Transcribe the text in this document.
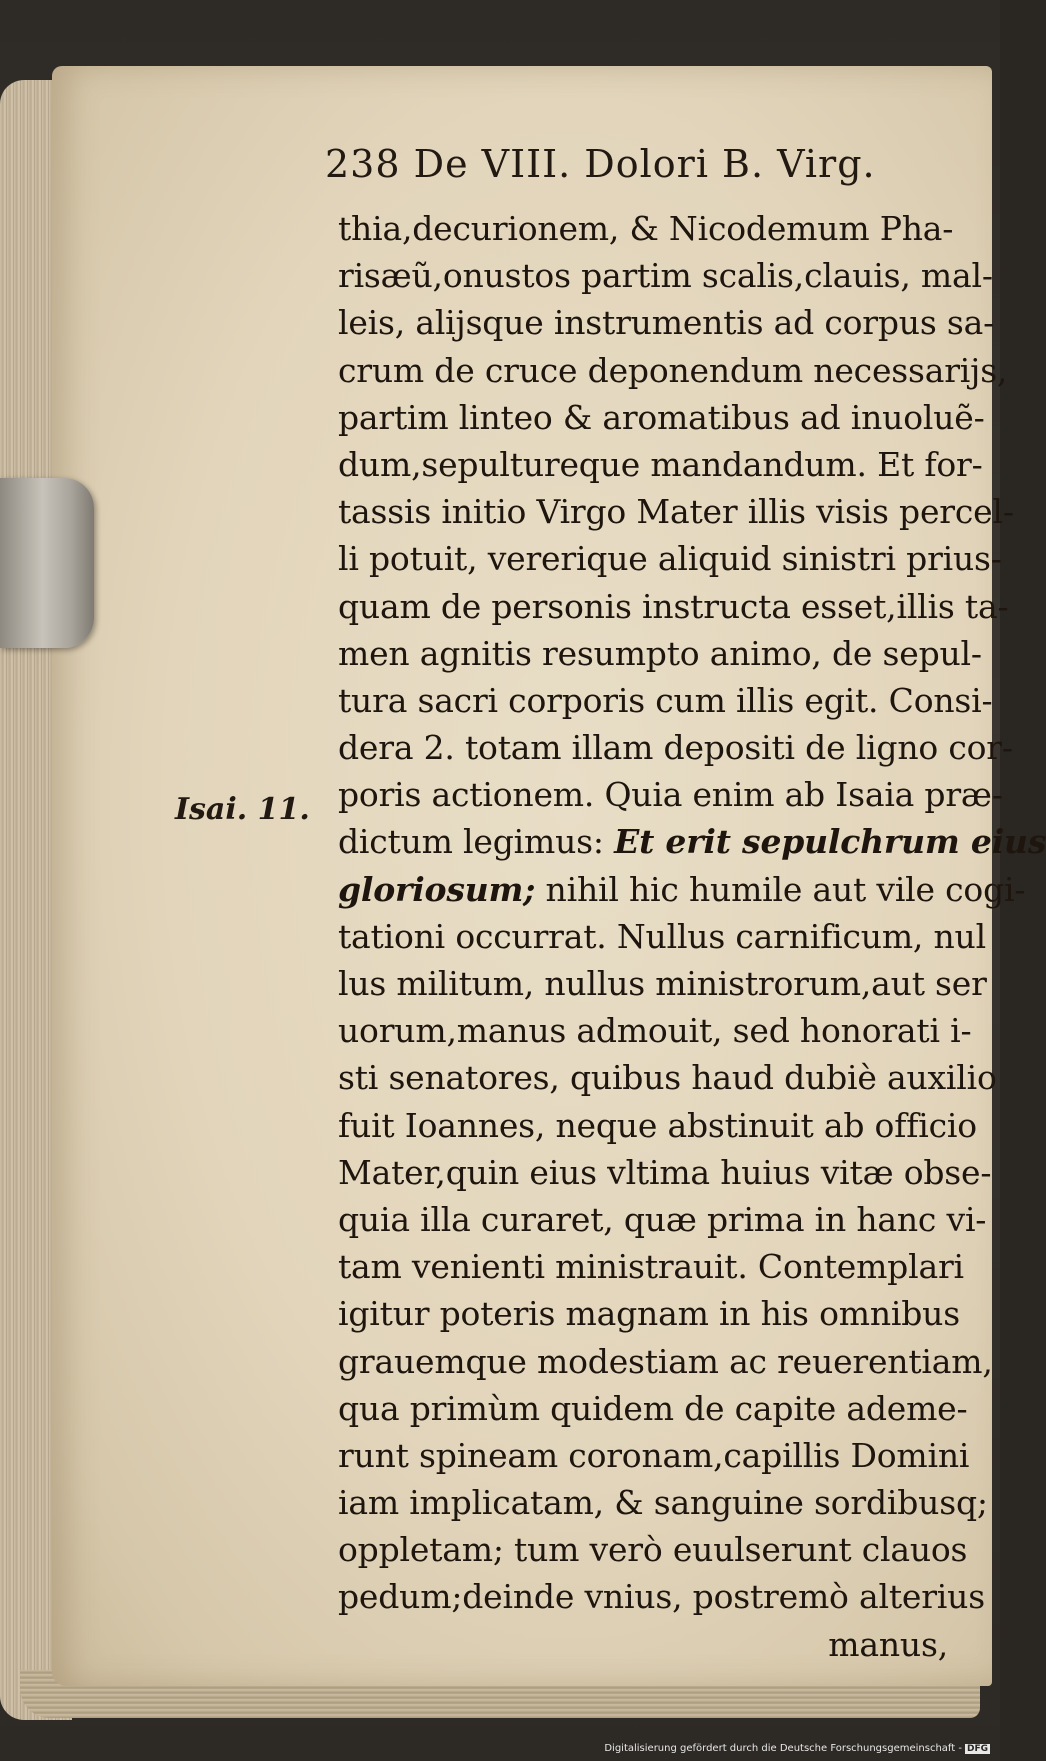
238 De VIII. Dolori B. Virg.
Isai. 11.
thia,decurionem, & Nicodemum Pha-
risæũ,onustos partim scalis,clauis, mal-
leis, alijsque instrumentis ad corpus sa-
crum de cruce deponendum necessarijs,
partim linteo & aromatibus ad inuoluẽ-
dum,sepultureque mandandum. Et for-
tassis initio Virgo Mater illis visis percel-
li potuit, vererique aliquid sinistri prius-
quam de personis instructa esset,illis ta-
men agnitis resumpto animo, de sepul-
tura sacri corporis cum illis egit. Consi-
dera 2. totam illam depositi de ligno cor-
poris actionem. Quia enim ab Isaia præ-
dictum legimus: Et erit sepulchrum eius
gloriosum; nihil hic humile aut vile cogi-
tationi occurrat. Nullus carnificum, nul
lus militum, nullus ministrorum,aut ser
uorum,manus admouit, sed honorati i-
sti senatores, quibus haud dubiè auxilio
fuit Ioannes, neque abstinuit ab officio
Mater,quin eius vltima huius vitæ obse-
quia illa curaret, quæ prima in hanc vi-
tam venienti ministrauit. Contemplari
igitur poteris magnam in his omnibus
grauemque modestiam ac reuerentiam,
qua primùm quidem de capite ademe-
runt spineam coronam,capillis Domini
iam implicatam, & sanguine sordibusq;
oppletam; tum verò euulserunt clauos
pedum;deinde vnius, postremò alterius
manus,
Digitalisierung gefördert durch die Deutsche Forschungsgemeinschaft - DFG
